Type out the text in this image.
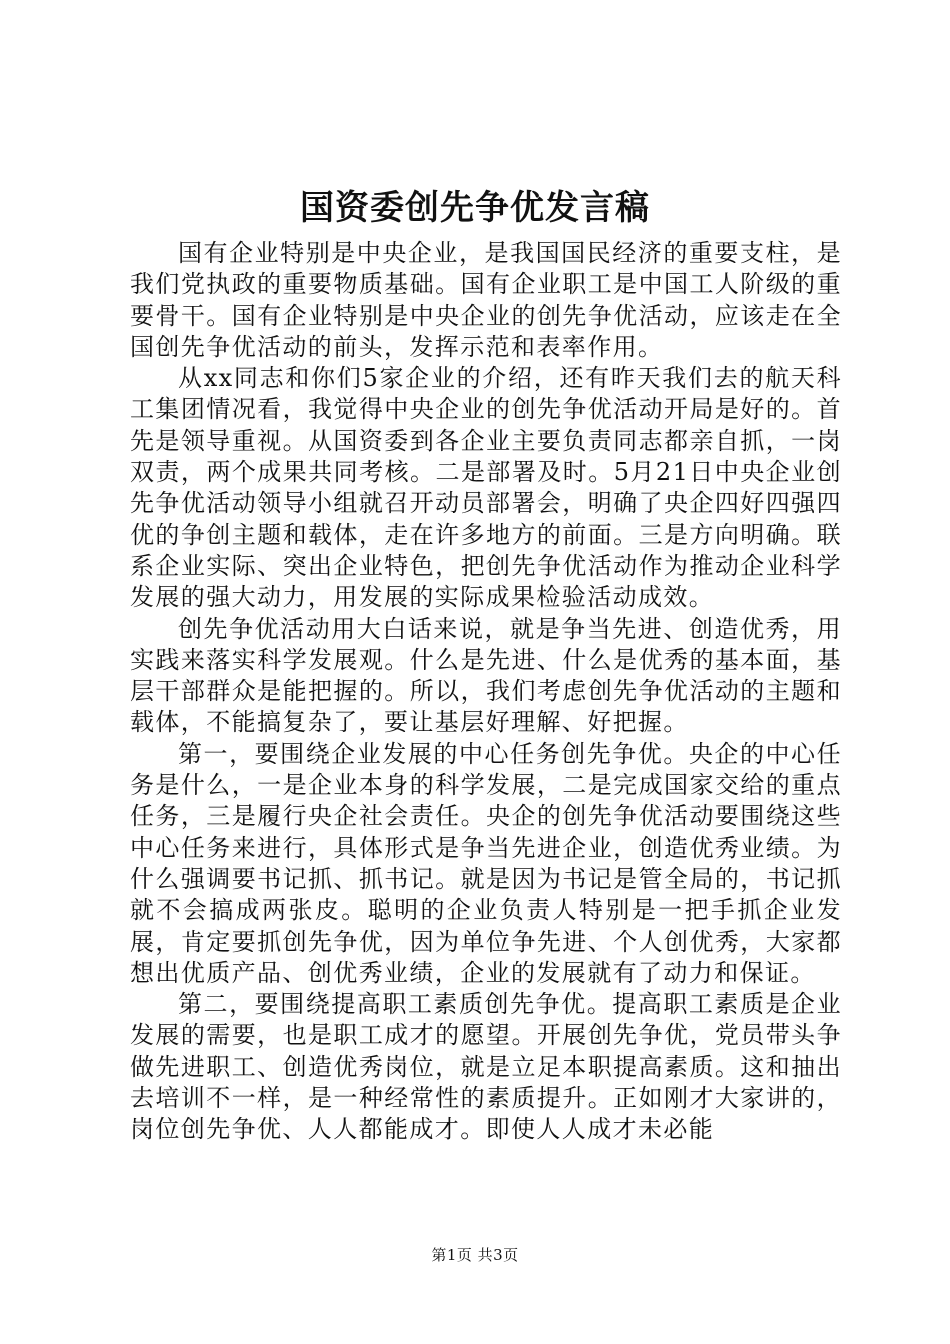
国资委创先争优发言稿

国有企业特别是中央企业，是我国国民经济的重要支柱，是我们党执政的重要物质基础。国有企业职工是中国工人阶级的重要骨干。国有企业特别是中央企业的创先争优活动，应该走在全国创先争优活动的前头，发挥示范和表率作用。

从xx同志和你们5家企业的介绍，还有昨天我们去的航天科工集团情况看，我觉得中央企业的创先争优活动开局是好的。首先是领导重视。从国资委到各企业主要负责同志都亲自抓，一岗双责，两个成果共同考核。二是部署及时。5月21日中央企业创先争优活动领导小组就召开动员部署会，明确了央企四好四强四优的争创主题和载体，走在许多地方的前面。三是方向明确。联系企业实际、突出企业特色，把创先争优活动作为推动企业科学发展的强大动力，用发展的实际成果检验活动成效。

创先争优活动用大白话来说，就是争当先进、创造优秀，用实践来落实科学发展观。什么是先进、什么是优秀的基本面，基层干部群众是能把握的。所以，我们考虑创先争优活动的主题和载体，不能搞复杂了，要让基层好理解、好把握。

第一，要围绕企业发展的中心任务创先争优。央企的中心任务是什么，一是企业本身的科学发展，二是完成国家交给的重点任务，三是履行央企社会责任。央企的创先争优活动要围绕这些中心任务来进行，具体形式是争当先进企业，创造优秀业绩。为什么强调要书记抓、抓书记。就是因为书记是管全局的，书记抓就不会搞成两张皮。聪明的企业负责人特别是一把手抓企业发展，肯定要抓创先争优，因为单位争先进、个人创优秀，大家都想出优质产品、创优秀业绩，企业的发展就有了动力和保证。

第二，要围绕提高职工素质创先争优。提高职工素质是企业发展的需要，也是职工成才的愿望。开展创先争优，党员带头争做先进职工、创造优秀岗位，就是立足本职提高素质。这和抽出去培训不一样，是一种经常性的素质提升。正如刚才大家讲的，岗位创先争优、人人都能成才。即使人人成才未必能

第1页 共3页
